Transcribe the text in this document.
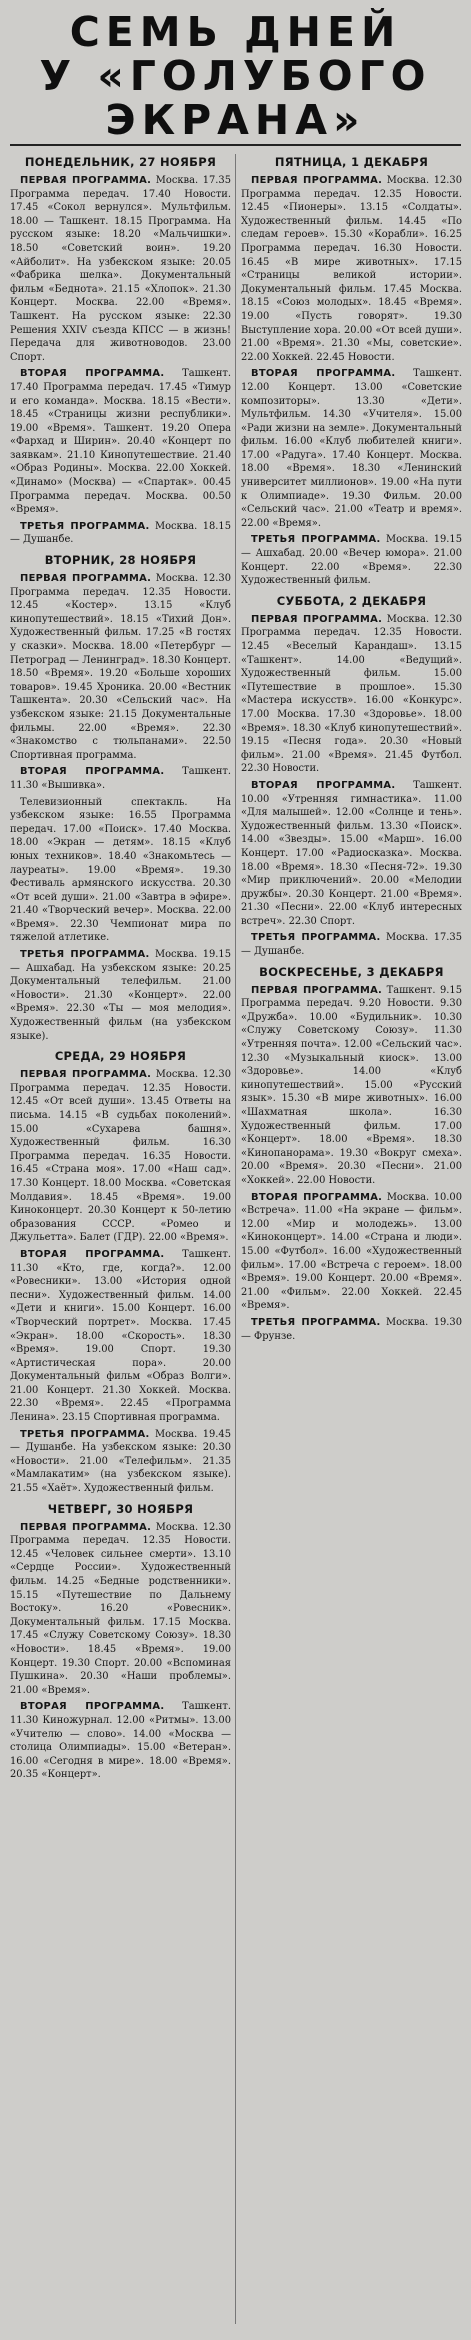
СЕМЬ ДНЕЙ
У «ГОЛУБОГО
ЭКРАНА»
ПОНЕДЕЛЬНИК, 27 НОЯБРЯ

ПЕРВАЯ ПРОГРАММА. Москва. 17.35 Программа передач. 17.40 Новости. 17.45 «Сокол вернулся». Мультфильм. 18.00 — Ташкент. 18.15 Программа. На русском языке: 18.20 «Мальчишки». 18.50 «Советский воин». 19.20 «Айболит». На узбекском языке: 20.05 «Фабрика шелка». Документальный фильм «Беднота». 21.15 «Хлопок». 21.30 Концерт. Москва. 22.00 «Время». Ташкент. На русском языке: 22.30 Решения XXIV съезда КПСС — в жизнь! Передача для животноводов. 23.00 Спорт.

ВТОРАЯ ПРОГРАММА. Ташкент. 17.40 Программа передач. 17.45 «Тимур и его команда». Москва. 18.15 «Вести». 18.45 «Страницы жизни республики». 19.00 «Время». Ташкент. 19.20 Опера «Фархад и Ширин». 20.40 «Концерт по заявкам». 21.10 Кинопутешествие. 21.40 «Образ Родины». Москва. 22.00 Хоккей. «Динамо» (Москва) — «Спартак». 00.45 Программа передач. Москва. 00.50 «Время».

ТРЕТЬЯ ПРОГРАММА. Москва. 18.15 — Душанбе.

ВТОРНИК, 28 НОЯБРЯ

ПЕРВАЯ ПРОГРАММА. Москва. 12.30 Программа передач. 12.35 Новости. 12.45 «Костер». 13.15 «Клуб кинопутешествий». 18.15 «Тихий Дон». Художественный фильм. 17.25 «В гостях у сказки». Москва. 18.00 «Петербург — Петроград — Ленинград». 18.30 Концерт. 18.50 «Время». 19.20 «Больше хороших товаров». 19.45 Хроника. 20.00 «Вестник Ташкента». 20.30 «Сельский час». На узбекском языке: 21.15 Документальные фильмы. 22.00 «Время». 22.30 «Знакомство с тюльпанами». 22.50 Спортивная программа.

ВТОРАЯ ПРОГРАММА. Ташкент. 11.30 «Вышивка».

Телевизионный спектакль. На узбекском языке: 16.55 Программа передач. 17.00 «Поиск». 17.40 Москва. 18.00 «Экран — детям». 18.15 «Клуб юных техников». 18.40 «Знакомьтесь — лауреаты». 19.00 «Время». 19.30 Фестиваль армянского искусства. 20.30 «От всей души». 21.00 «Завтра в эфире». 21.40 «Творческий вечер». Москва. 22.00 «Время». 22.30 Чемпионат мира по тяжелой атлетике.

ТРЕТЬЯ ПРОГРАММА. Москва. 19.15 — Ашхабад. На узбекском языке: 20.25 Документальный телефильм. 21.00 «Новости». 21.30 «Концерт». 22.00 «Время». 22.30 «Ты — моя мелодия». Художественный фильм (на узбекском языке).

СРЕДА, 29 НОЯБРЯ

ПЕРВАЯ ПРОГРАММА. Москва. 12.30 Программа передач. 12.35 Новости. 12.45 «От всей души». 13.45 Ответы на письма. 14.15 «В судьбах поколений». 15.00 «Сухарева башня». Художественный фильм. 16.30 Программа передач. 16.35 Новости. 16.45 «Страна моя». 17.00 «Наш сад». 17.30 Концерт. 18.00 Москва. «Советская Молдавия». 18.45 «Время». 19.00 Киноконцерт. 20.30 Концерт к 50-летию образования СССР. «Ромео и Джульетта». Балет (ГДР). 22.00 «Время».

ВТОРАЯ ПРОГРАММА. Ташкент. 11.30 «Кто, где, когда?». 12.00 «Ровесники». 13.00 «История одной песни». Художественный фильм. 14.00 «Дети и книги». 15.00 Концерт. 16.00 «Творческий портрет». Москва. 17.45 «Экран». 18.00 «Скорость». 18.30 «Время». 19.00 Спорт. 19.30 «Артистическая пора». 20.00 Документальный фильм «Образ Волги». 21.00 Концерт. 21.30 Хоккей. Москва. 22.30 «Время». 22.45 «Программа Ленина». 23.15 Спортивная программа.

ТРЕТЬЯ ПРОГРАММА. Москва. 19.45 — Душанбе. На узбекском языке: 20.30 «Новости». 21.00 «Телефильм». 21.35 «Мамлакатим» (на узбекском языке). 21.55 «Хаёт». Художественный фильм.

ЧЕТВЕРГ, 30 НОЯБРЯ

ПЕРВАЯ ПРОГРАММА. Москва. 12.30 Программа передач. 12.35 Новости. 12.45 «Человек сильнее смерти». 13.10 «Сердце России». Художественный фильм. 14.25 «Бедные родственники». 15.15 «Путешествие по Дальнему Востоку». 16.20 «Ровесник». Документальный фильм. 17.15 Москва. 17.45 «Служу Советскому Союзу». 18.30 «Новости». 18.45 «Время». 19.00 Концерт. 19.30 Спорт. 20.00 «Вспоминая Пушкина». 20.30 «Наши проблемы». 21.00 «Время».

ВТОРАЯ ПРОГРАММА. Ташкент. 11.30 Киножурнал. 12.00 «Ритмы». 13.00 «Учителю — слово». 14.00 «Москва — столица Олимпиады». 15.00 «Ветеран». 16.00 «Сегодня в мире». 18.00 «Время». 20.35 «Концерт».

ПЯТНИЦА, 1 ДЕКАБРЯ

ПЕРВАЯ ПРОГРАММА. Москва. 12.30 Программа передач. 12.35 Новости. 12.45 «Пионеры». 13.15 «Солдаты». Художественный фильм. 14.45 «По следам героев». 15.30 «Корабли». 16.25 Программа передач. 16.30 Новости. 16.45 «В мире животных». 17.15 «Страницы великой истории». Документальный фильм. 17.45 Москва. 18.15 «Союз молодых». 18.45 «Время». 19.00 «Пусть говорят». 19.30 Выступление хора. 20.00 «От всей души». 21.00 «Время». 21.30 «Мы, советские». 22.00 Хоккей. 22.45 Новости.

ВТОРАЯ ПРОГРАММА. Ташкент. 12.00 Концерт. 13.00 «Советские композиторы». 13.30 «Дети». Мультфильм. 14.30 «Учителя». 15.00 «Ради жизни на земле». Документальный фильм. 16.00 «Клуб любителей книги». 17.00 «Радуга». 17.40 Концерт. Москва. 18.00 «Время». 18.30 «Ленинский университет миллионов». 19.00 «На пути к Олимпиаде». 19.30 Фильм. 20.00 «Сельский час». 21.00 «Театр и время». 22.00 «Время».

ТРЕТЬЯ ПРОГРАММА. Москва. 19.15 — Ашхабад. 20.00 «Вечер юмора». 21.00 Концерт. 22.00 «Время». 22.30 Художественный фильм.

СУББОТА, 2 ДЕКАБРЯ

ПЕРВАЯ ПРОГРАММА. Москва. 12.30 Программа передач. 12.35 Новости. 12.45 «Веселый Карандаш». 13.15 «Ташкент». 14.00 «Ведущий». Художественный фильм. 15.00 «Путешествие в прошлое». 15.30 «Мастера искусств». 16.00 «Конкурс». 17.00 Москва. 17.30 «Здоровье». 18.00 «Время». 18.30 «Клуб кинопутешествий». 19.15 «Песня года». 20.30 «Новый фильм». 21.00 «Время». 21.45 Футбол. 22.30 Новости.

ВТОРАЯ ПРОГРАММА. Ташкент. 10.00 «Утренняя гимнастика». 11.00 «Для малышей». 12.00 «Солнце и тень». Художественный фильм. 13.30 «Поиск». 14.00 «Звезды». 15.00 «Марш». 16.00 Концерт. 17.00 «Радиосказка». Москва. 18.00 «Время». 18.30 «Песня-72». 19.30 «Мир приключений». 20.00 «Мелодии дружбы». 20.30 Концерт. 21.00 «Время». 21.30 «Песни». 22.00 «Клуб интересных встреч». 22.30 Спорт.

ТРЕТЬЯ ПРОГРАММА. Москва. 17.35 — Душанбе.

ВОСКРЕСЕНЬЕ, 3 ДЕКАБРЯ

ПЕРВАЯ ПРОГРАММА. Ташкент. 9.15 Программа передач. 9.20 Новости. 9.30 «Дружба». 10.00 «Будильник». 10.30 «Служу Советскому Союзу». 11.30 «Утренняя почта». 12.00 «Сельский час». 12.30 «Музыкальный киоск». 13.00 «Здоровье». 14.00 «Клуб кинопутешествий». 15.00 «Русский язык». 15.30 «В мире животных». 16.00 «Шахматная школа». 16.30 Художественный фильм. 17.00 «Концерт». 18.00 «Время». 18.30 «Кинопанорама». 19.30 «Вокруг смеха». 20.00 «Время». 20.30 «Песни». 21.00 «Хоккей». 22.00 Новости.

ВТОРАЯ ПРОГРАММА. Москва. 10.00 «Встреча». 11.00 «На экране — фильм». 12.00 «Мир и молодежь». 13.00 «Киноконцерт». 14.00 «Страна и люди». 15.00 «Футбол». 16.00 «Художественный фильм». 17.00 «Встреча с героем». 18.00 «Время». 19.00 Концерт. 20.00 «Время». 21.00 «Фильм». 22.00 Хоккей. 22.45 «Время».

ТРЕТЬЯ ПРОГРАММА. Москва. 19.30 — Фрунзе.
